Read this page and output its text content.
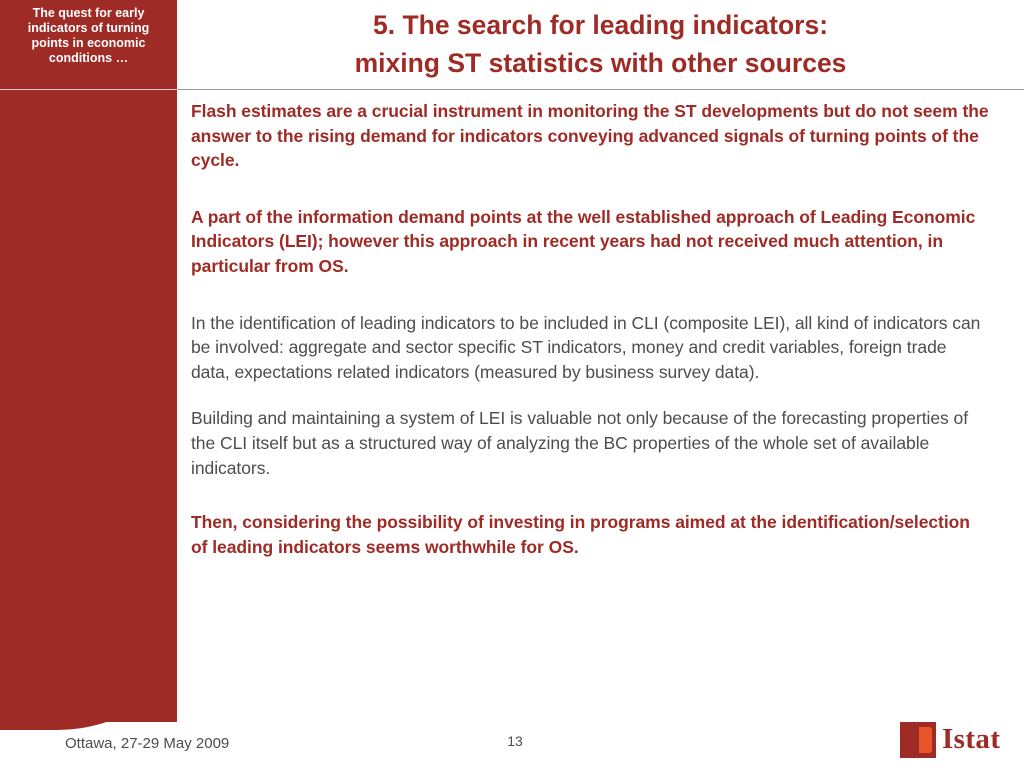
The quest for early indicators of turning points in economic conditions …
5. The search for leading indicators:
mixing ST statistics with other sources

Flash estimates are a crucial instrument in monitoring the ST developments but do not seem the answer to the rising demand for indicators conveying advanced signals of turning points of the cycle.

A part of the information demand points at the well established approach of Leading Economic Indicators (LEI); however this approach in recent years had not received much attention, in particular from OS.

In the identification of leading indicators to be included in CLI (composite LEI), all kind of indicators can be involved: aggregate and sector specific ST indicators, money and credit variables, foreign trade data, expectations related indicators (measured by business survey data).

Building and maintaining a system of LEI is valuable not only because of the forecasting properties of the CLI itself but as a structured way of analyzing the BC properties of the whole set of available indicators.

Then, considering the possibility of investing in programs aimed at the identification/selection of leading indicators seems worthwhile for OS.

Ottawa, 27-29 May 2009	13	Istat
